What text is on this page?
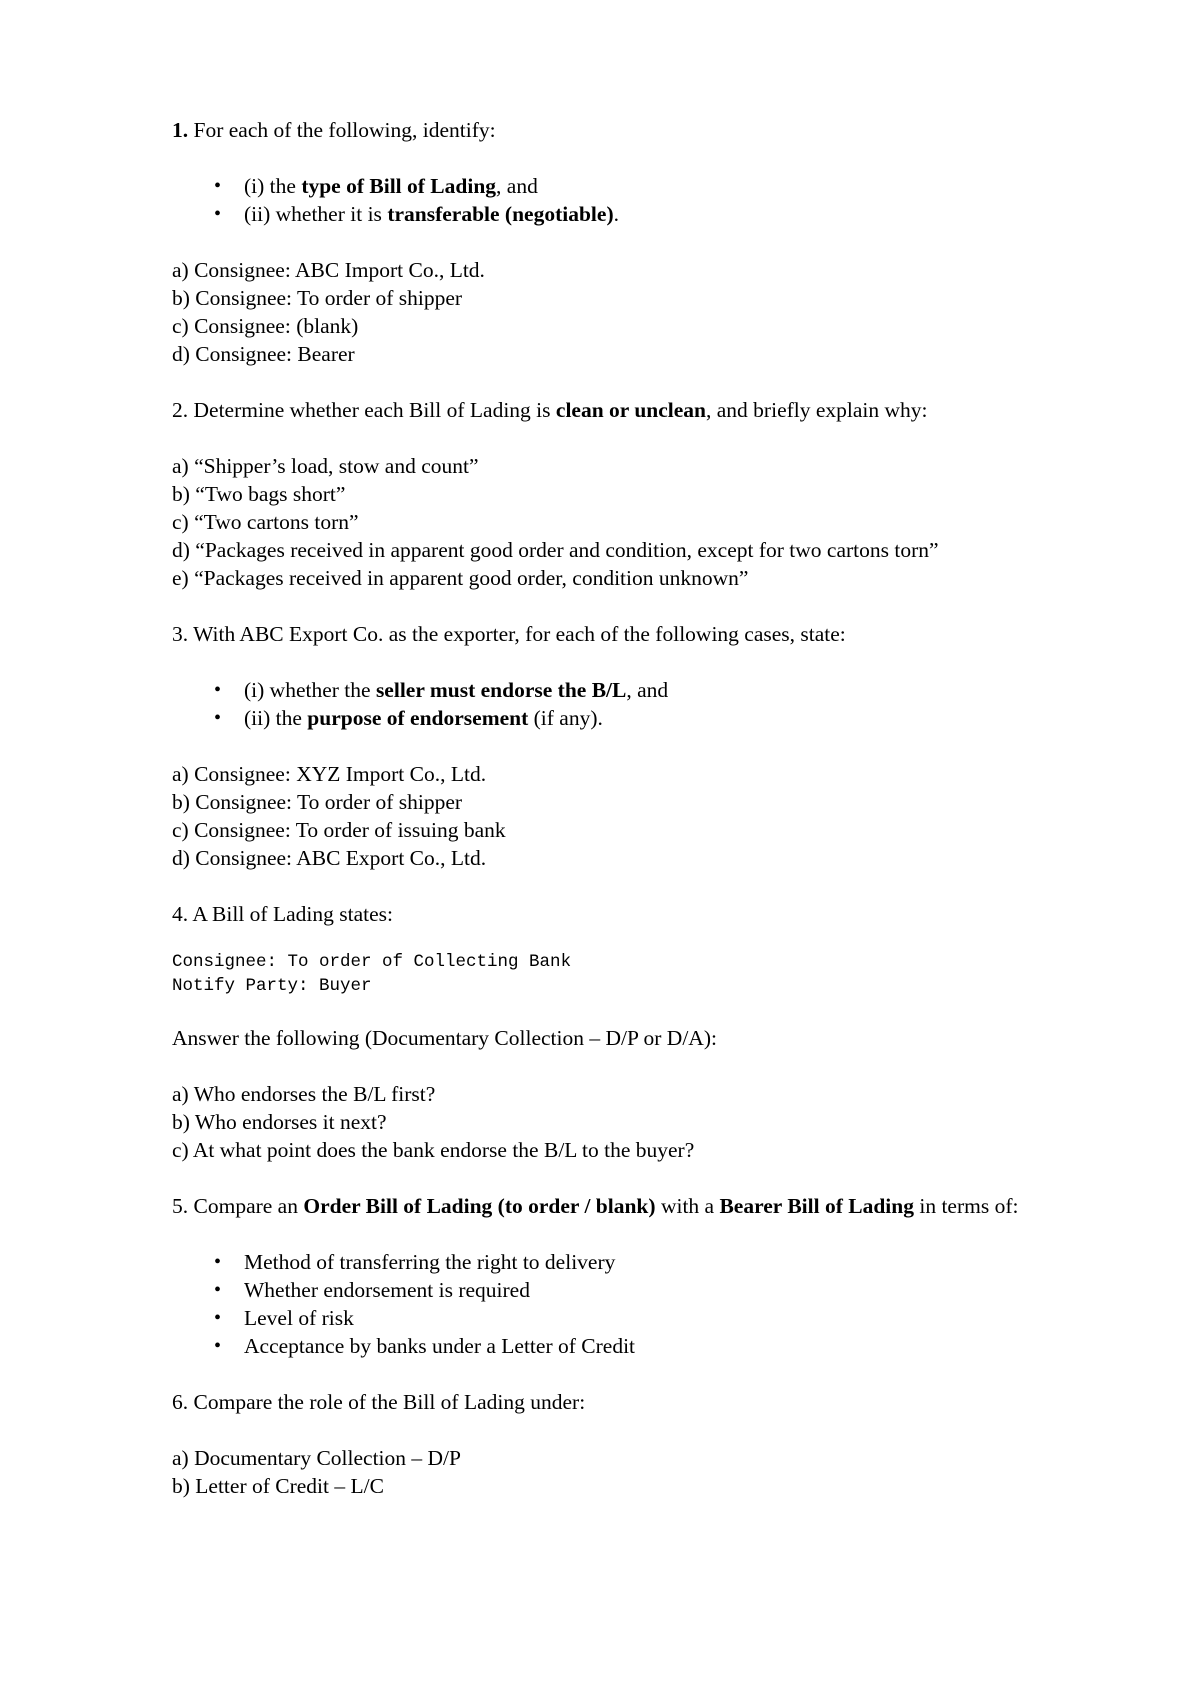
1. For each of the following, identify:

• (i) the type of Bill of Lading, and
• (ii) whether it is transferable (negotiable).

a) Consignee: ABC Import Co., Ltd.

b) Consignee: To order of shipper

c) Consignee: (blank)

d) Consignee: Bearer

2. Determine whether each Bill of Lading is clean or unclean, and briefly explain why:

a) “Shipper’s load, stow and count”

b) “Two bags short”

c) “Two cartons torn”

d) “Packages received in apparent good order and condition, except for two cartons torn”

e) “Packages received in apparent good order, condition unknown”

3. With ABC Export Co. as the exporter, for each of the following cases, state:

• (i) whether the seller must endorse the B/L, and
• (ii) the purpose of endorsement (if any).

a) Consignee: XYZ Import Co., Ltd.

b) Consignee: To order of shipper

c) Consignee: To order of issuing bank

d) Consignee: ABC Export Co., Ltd.

4. A Bill of Lading states:

Consignee: To order of Collecting Bank

Notify Party: Buyer

Answer the following (Documentary Collection – D/P or D/A):

a) Who endorses the B/L first?

b) Who endorses it next?

c) At what point does the bank endorse the B/L to the buyer?

5. Compare an Order Bill of Lading (to order / blank) with a Bearer Bill of Lading in terms of:

• Method of transferring the right to delivery
• Whether endorsement is required
• Level of risk
• Acceptance by banks under a Letter of Credit

6. Compare the role of the Bill of Lading under:

a) Documentary Collection – D/P

b) Letter of Credit – L/C
